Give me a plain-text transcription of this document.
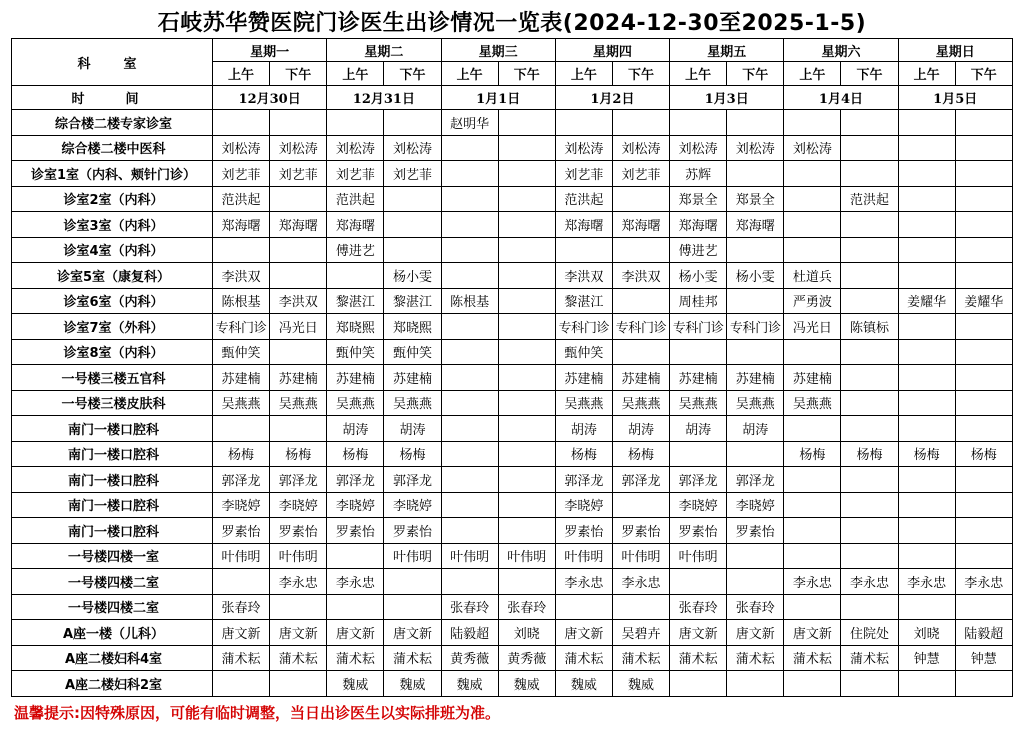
石岐苏华赞医院门诊医生出诊情况一览表(2024-12-30至2025-1-5)
科　室	星期一		星期二		星期三		星期四		星期五		星期六		星期日	
	上午	下午	上午	下午	上午	下午	上午	下午	上午	下午	上午	下午	上午	下午
时　间	12月30日		12月31日		1月1日		1月2日		1月3日		1月4日		1月5日	
综合楼二楼专家诊室					赵明华									
综合楼二楼中医科	刘松涛	刘松涛	刘松涛	刘松涛			刘松涛	刘松涛	刘松涛	刘松涛	刘松涛			
诊室1室（内科、颊针门诊）	刘艺菲	刘艺菲	刘艺菲	刘艺菲			刘艺菲	刘艺菲	苏辉					
诊室2室（内科）	范洪起		范洪起				范洪起		郑景全	郑景全		范洪起		
诊室3室（内科）	郑海曙	郑海曙	郑海曙				郑海曙	郑海曙	郑海曙	郑海曙				
诊室4室（内科）			傅进艺						傅进艺					
诊室5室（康复科）	李洪双			杨小雯			李洪双	李洪双	杨小雯	杨小雯	杜道兵			
诊室6室（内科）	陈根基	李洪双	黎湛江	黎湛江	陈根基		黎湛江		周桂邦		严勇波		姜耀华	姜耀华
诊室7室（外科）	专科门诊	冯光日	郑晓熙	郑晓熙			专科门诊	专科门诊	专科门诊	专科门诊	冯光日	陈镇标		
诊室8室（内科）	甄仲笑		甄仲笑	甄仲笑			甄仲笑							
一号楼三楼五官科	苏建楠	苏建楠	苏建楠	苏建楠			苏建楠	苏建楠	苏建楠	苏建楠	苏建楠			
一号楼三楼皮肤科	吴燕燕	吴燕燕	吴燕燕	吴燕燕			吴燕燕	吴燕燕	吴燕燕	吴燕燕	吴燕燕			
南门一楼口腔科			胡涛	胡涛			胡涛	胡涛	胡涛	胡涛				
南门一楼口腔科	杨梅	杨梅	杨梅	杨梅			杨梅	杨梅			杨梅	杨梅	杨梅	杨梅
南门一楼口腔科	郭泽龙	郭泽龙	郭泽龙	郭泽龙			郭泽龙	郭泽龙	郭泽龙	郭泽龙				
南门一楼口腔科	李晓婷	李晓婷	李晓婷	李晓婷			李晓婷		李晓婷	李晓婷				
南门一楼口腔科	罗素怡	罗素怡	罗素怡	罗素怡			罗素怡	罗素怡	罗素怡	罗素怡				
一号楼四楼一室	叶伟明	叶伟明		叶伟明	叶伟明	叶伟明	叶伟明	叶伟明	叶伟明					
一号楼四楼二室		李永忠	李永忠				李永忠	李永忠			李永忠	李永忠	李永忠	李永忠
一号楼四楼二室	张春玲				张春玲	张春玲			张春玲	张春玲				
A座一楼（儿科）	唐文新	唐文新	唐文新	唐文新	陆毅超	刘晓	唐文新	吴碧卉	唐文新	唐文新	唐文新	住院处	刘晓	陆毅超
A座二楼妇科4室	蒲术耘	蒲术耘	蒲术耘	蒲术耘	黄秀薇	黄秀薇	蒲术耘	蒲术耘	蒲术耘	蒲术耘	蒲术耘	蒲术耘	钟慧	钟慧
A座二楼妇科2室			魏威	魏威	魏威	魏威	魏威	魏威						
温馨提示:因特殊原因，可能有临时调整，当日出诊医生以实际排班为准。
